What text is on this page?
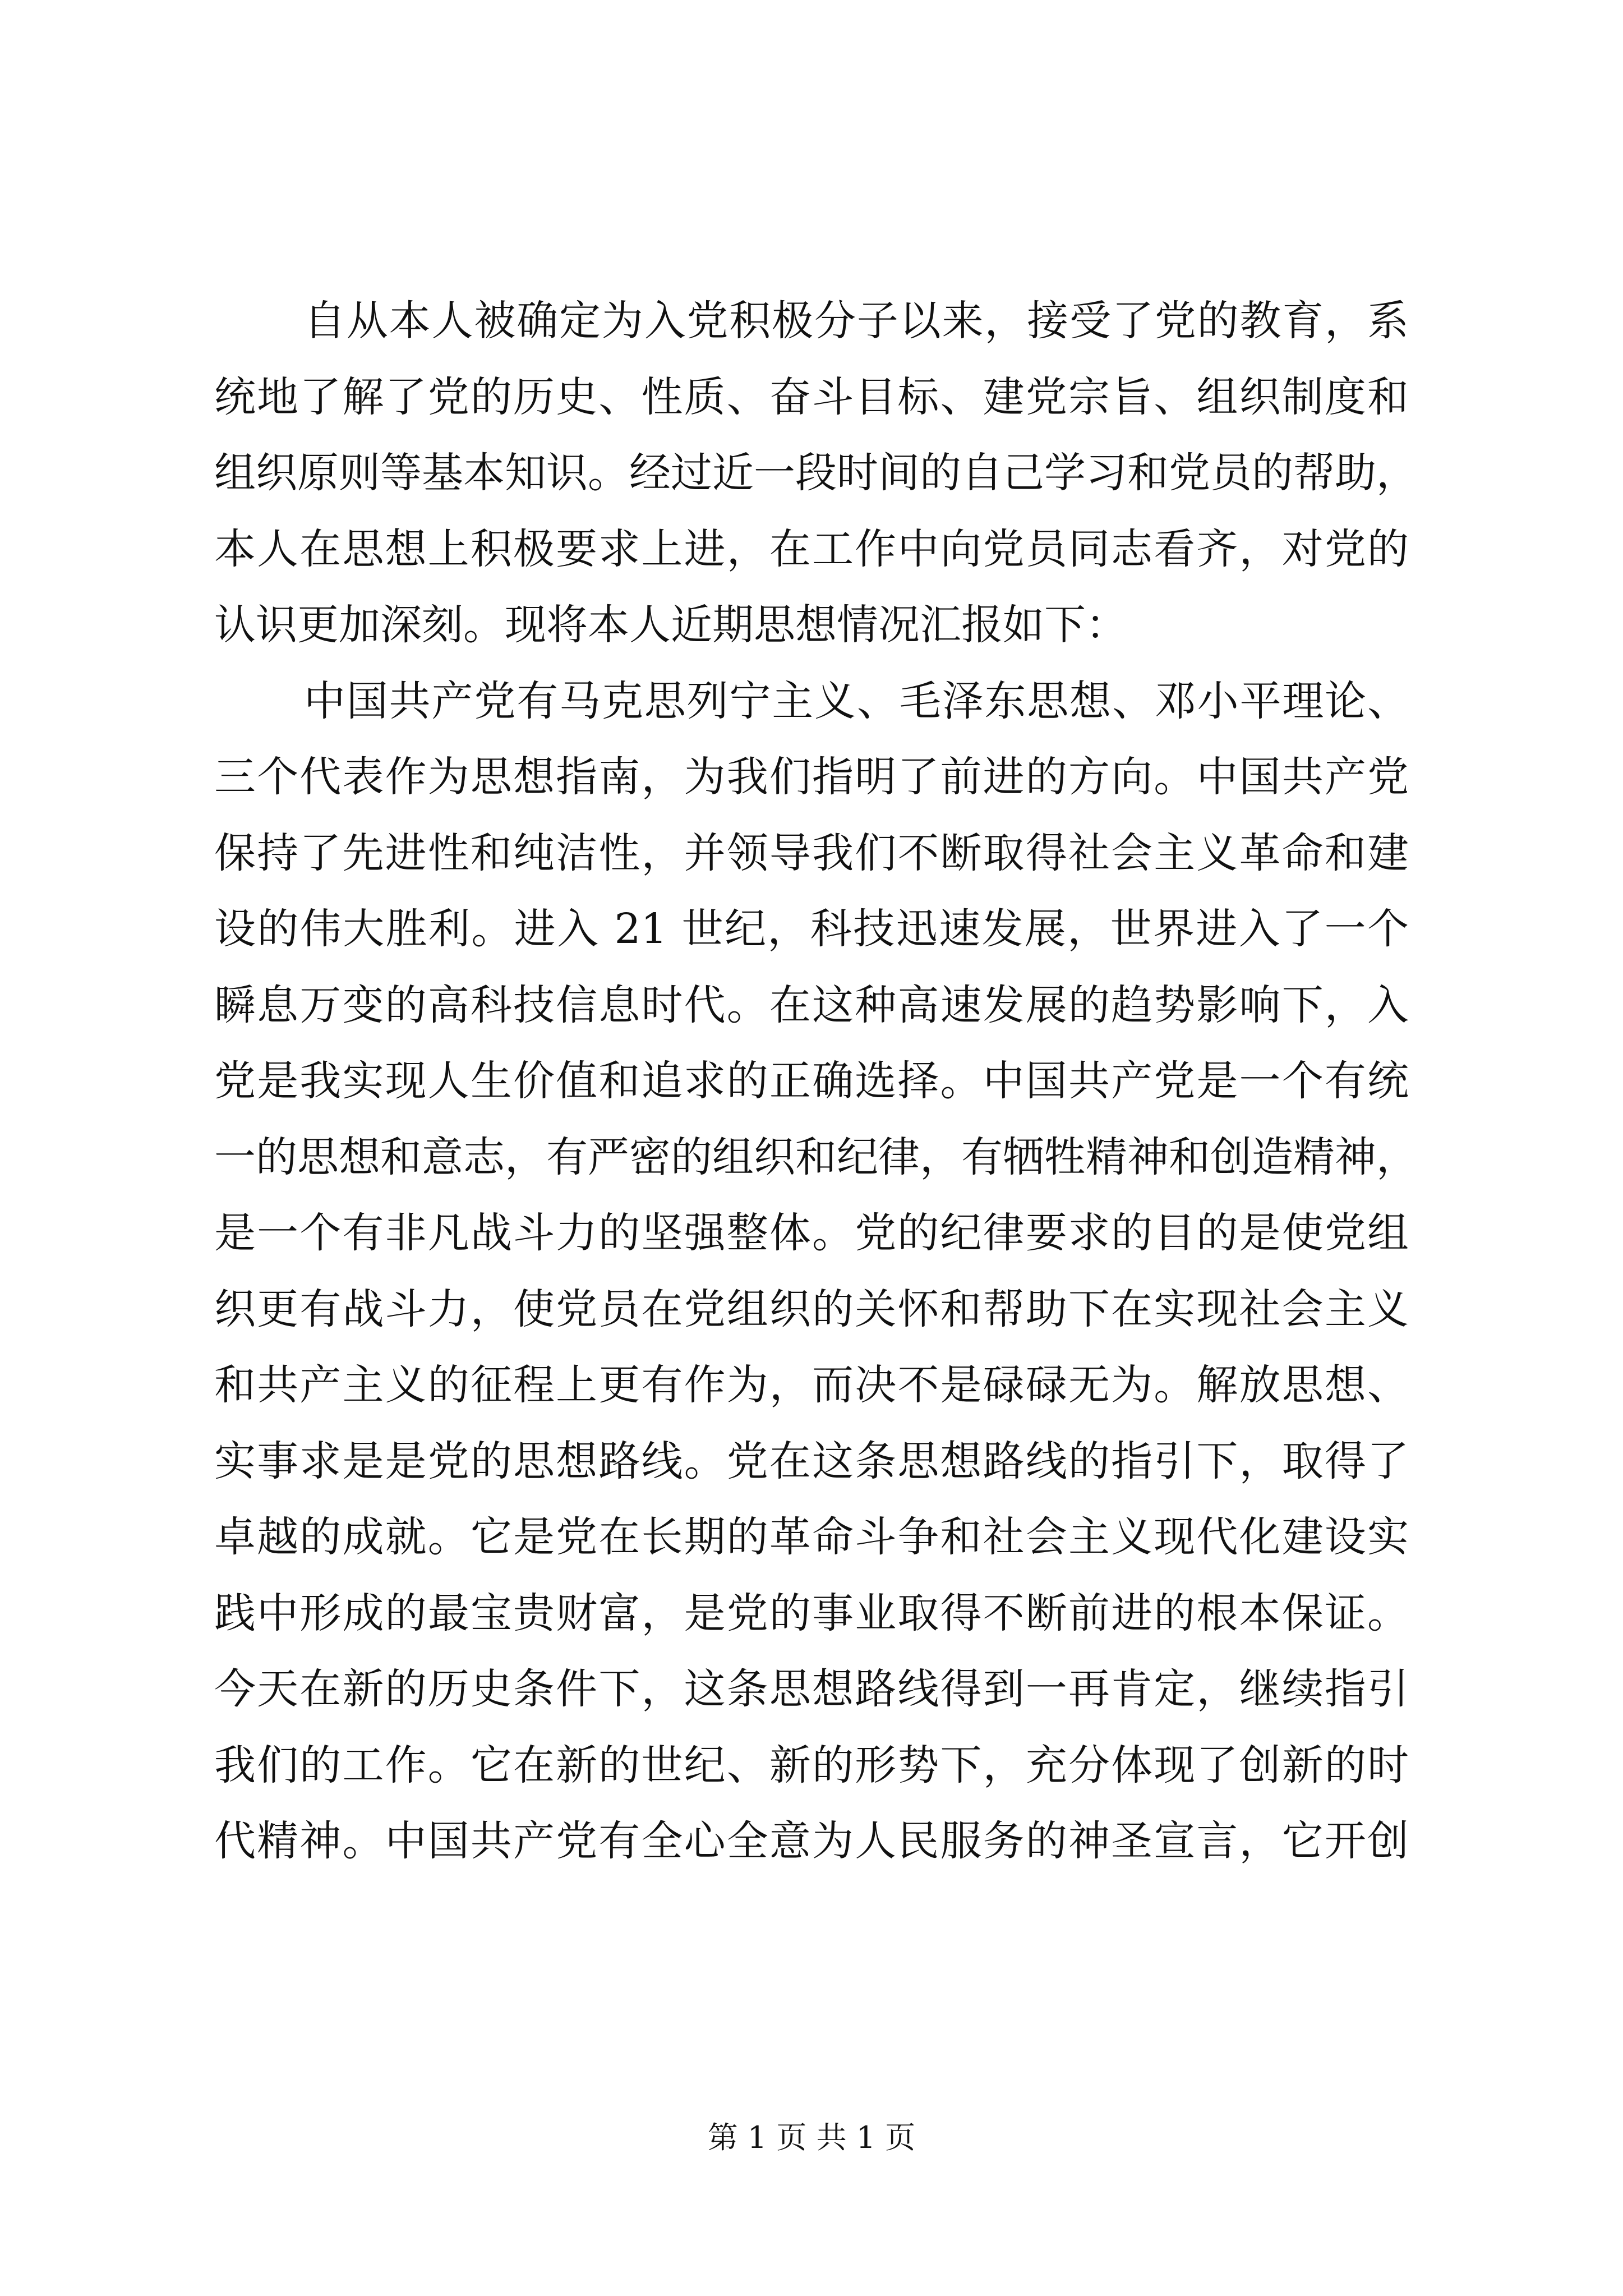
自从本人被确定为入党积极分子以来，接受了党的教育，系
统地了解了党的历史、性质、奋斗目标、建党宗旨、组织制度和
组织原则等基本知识。经过近一段时间的自己学习和党员的帮助，
本人在思想上积极要求上进，在工作中向党员同志看齐，对党的
认识更加深刻。现将本人近期思想情况汇报如下：
中国共产党有马克思列宁主义、毛泽东思想、邓小平理论、
三个代表作为思想指南，为我们指明了前进的方向。中国共产党
保持了先进性和纯洁性，并领导我们不断取得社会主义革命和建
设的伟大胜利。进入 21 世纪，科技迅速发展，世界进入了一个
瞬息万变的高科技信息时代。在这种高速发展的趋势影响下，入
党是我实现人生价值和追求的正确选择。中国共产党是一个有统
一的思想和意志，有严密的组织和纪律，有牺牲精神和创造精神，
是一个有非凡战斗力的坚强整体。党的纪律要求的目的是使党组
织更有战斗力，使党员在党组织的关怀和帮助下在实现社会主义
和共产主义的征程上更有作为，而决不是碌碌无为。解放思想、
实事求是是党的思想路线。党在这条思想路线的指引下，取得了
卓越的成就。它是党在长期的革命斗争和社会主义现代化建设实
践中形成的最宝贵财富，是党的事业取得不断前进的根本保证。
今天在新的历史条件下，这条思想路线得到一再肯定，继续指引
我们的工作。它在新的世纪、新的形势下，充分体现了创新的时
代精神。中国共产党有全心全意为人民服务的神圣宣言，它开创
第 1 页 共 1 页
